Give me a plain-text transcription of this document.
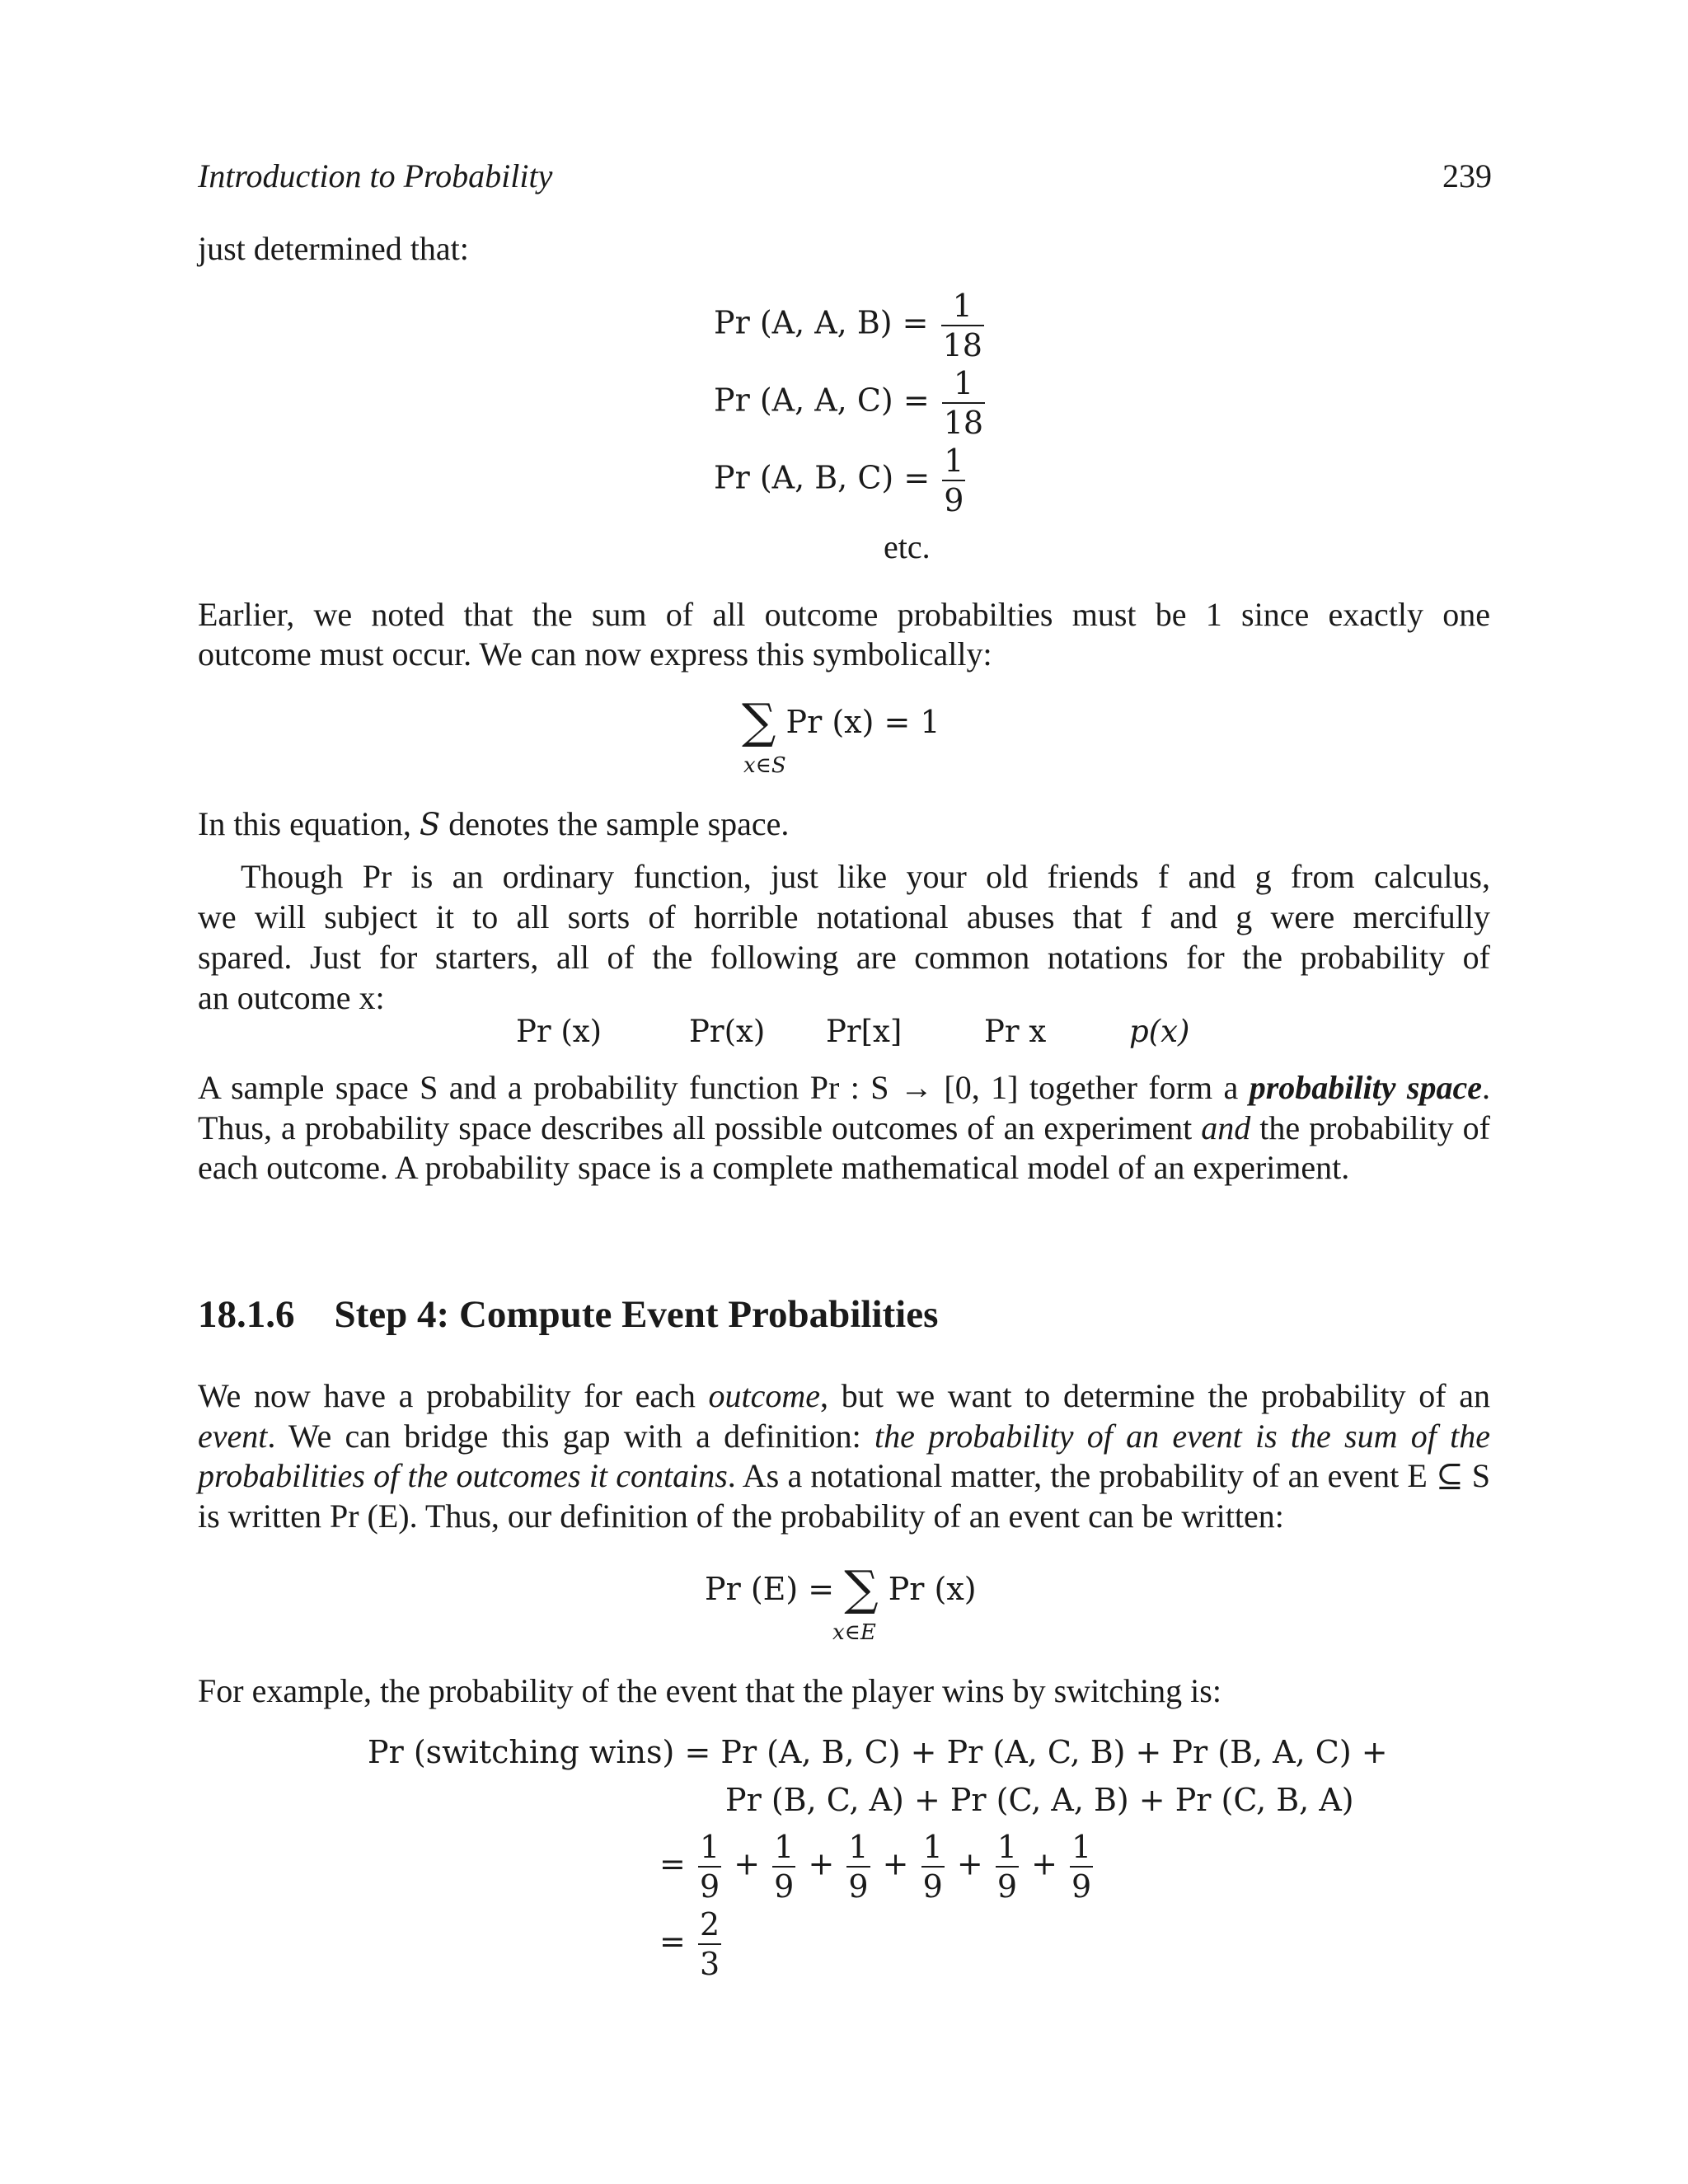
Introduction to Probability	239
just determined that:
Pr (A, A, $B) = \frac{1}{18}$
Pr (A, A, $C) = \frac{1}{18}$
Pr (A, B, $C) = \frac{1}{9}$
etc.
Earlier, we noted that the sum of all outcome probabilties must be 1 since exactly one
outcome must occur. We can now express this symbolically:
∑ Pr (x) = 1
x∈S
In this equation, S denotes the sample space.
Though Pr is an ordinary function, just like your old friends f and g from calculus,
we will subject it to all sorts of horrible notational abuses that f and g were mercifully
spared. Just for starters, all of the following are common notations for the probability of
an outcome x:
Pr (x)	Pr(x) Pr[x]	Pr x	p(x)
A sample space S and a probability function Pr : S → [0, 1] together form a probability space. Thus, a probability space describes all possible outcomes of an experiment and the probability of each outcome. A probability space is a complete mathematical model of an experiment.
18.1.6 Step 4: Compute Event Probabilities
We now have a probability for each outcome, but we want to determine the probability of an event. We can bridge this gap with a definition: the probability of an event is the sum of the probabilities of the outcomes it contains. As a notational matter, the probability of an event E ⊆ S is written Pr (E). Thus, our definition of the probability of an event can be written:
Pr (E) = ∑ Pr (x)
x∈E
For example, the probability of the event that the player wins by switching is:
Pr (switching wins) = Pr (A, B, C) + Pr (A, C, B) + Pr (B, A, C) +
Pr (B, C, A) + Pr (C, A, B) + Pr (C, B, A)
= $\frac{1}{9} + \frac{1}{9} + \frac{1}{9} + \frac{1}{9} + \frac{1}{9} + \frac{1}{9}$
= $\frac{2}{3}$
